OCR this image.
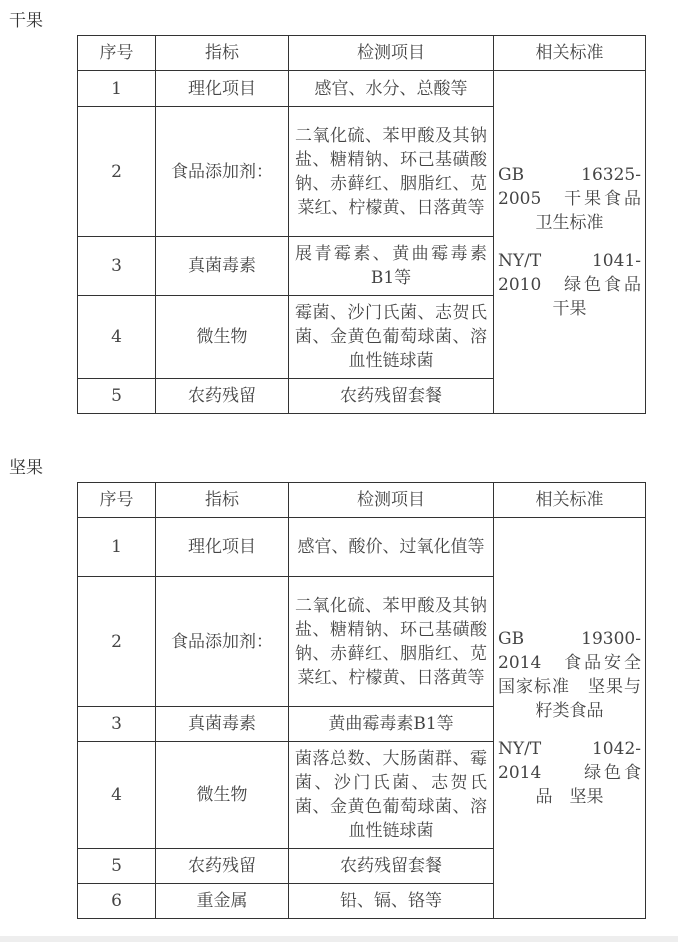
干果
序号	指标	检测项目	相关标准
1	理化项目	感官、水分、总酸等	GB　16325-2005　干果食品卫生标准
NY/T　1041-2010　绿色食品　干果

2	食品添加剂：	二氧化硫、苯甲酸及其钠盐、糖精钠、环己基磺酸钠、赤藓红、胭脂红、苋菜红、柠檬黄、日落黄等	
3	真菌毒素	展青霉素、黄曲霉毒素B1等	
4	微生物	霉菌、沙门氏菌、志贺氏菌、金黄色葡萄球菌、溶血性链球菌	
5	农药残留	农药残留套餐	
坚果
序号	指标	检测项目	相关标准
1	理化项目	感官、酸价、过氧化值等	GB　19300-2014　食品安全国家标准　坚果与籽类食品
NY/T　1042-2014　　绿色食品　坚果

2	食品添加剂：	二氧化硫、苯甲酸及其钠盐、糖精钠、环己基磺酸钠、赤藓红、胭脂红、苋菜红、柠檬黄、日落黄等	
3	真菌毒素	黄曲霉毒素B1等	
4	微生物	菌落总数、大肠菌群、霉菌、沙门氏菌、志贺氏菌、金黄色葡萄球菌、溶血性链球菌	
5	农药残留	农药残留套餐	
6	重金属	铅、镉、铬等	
